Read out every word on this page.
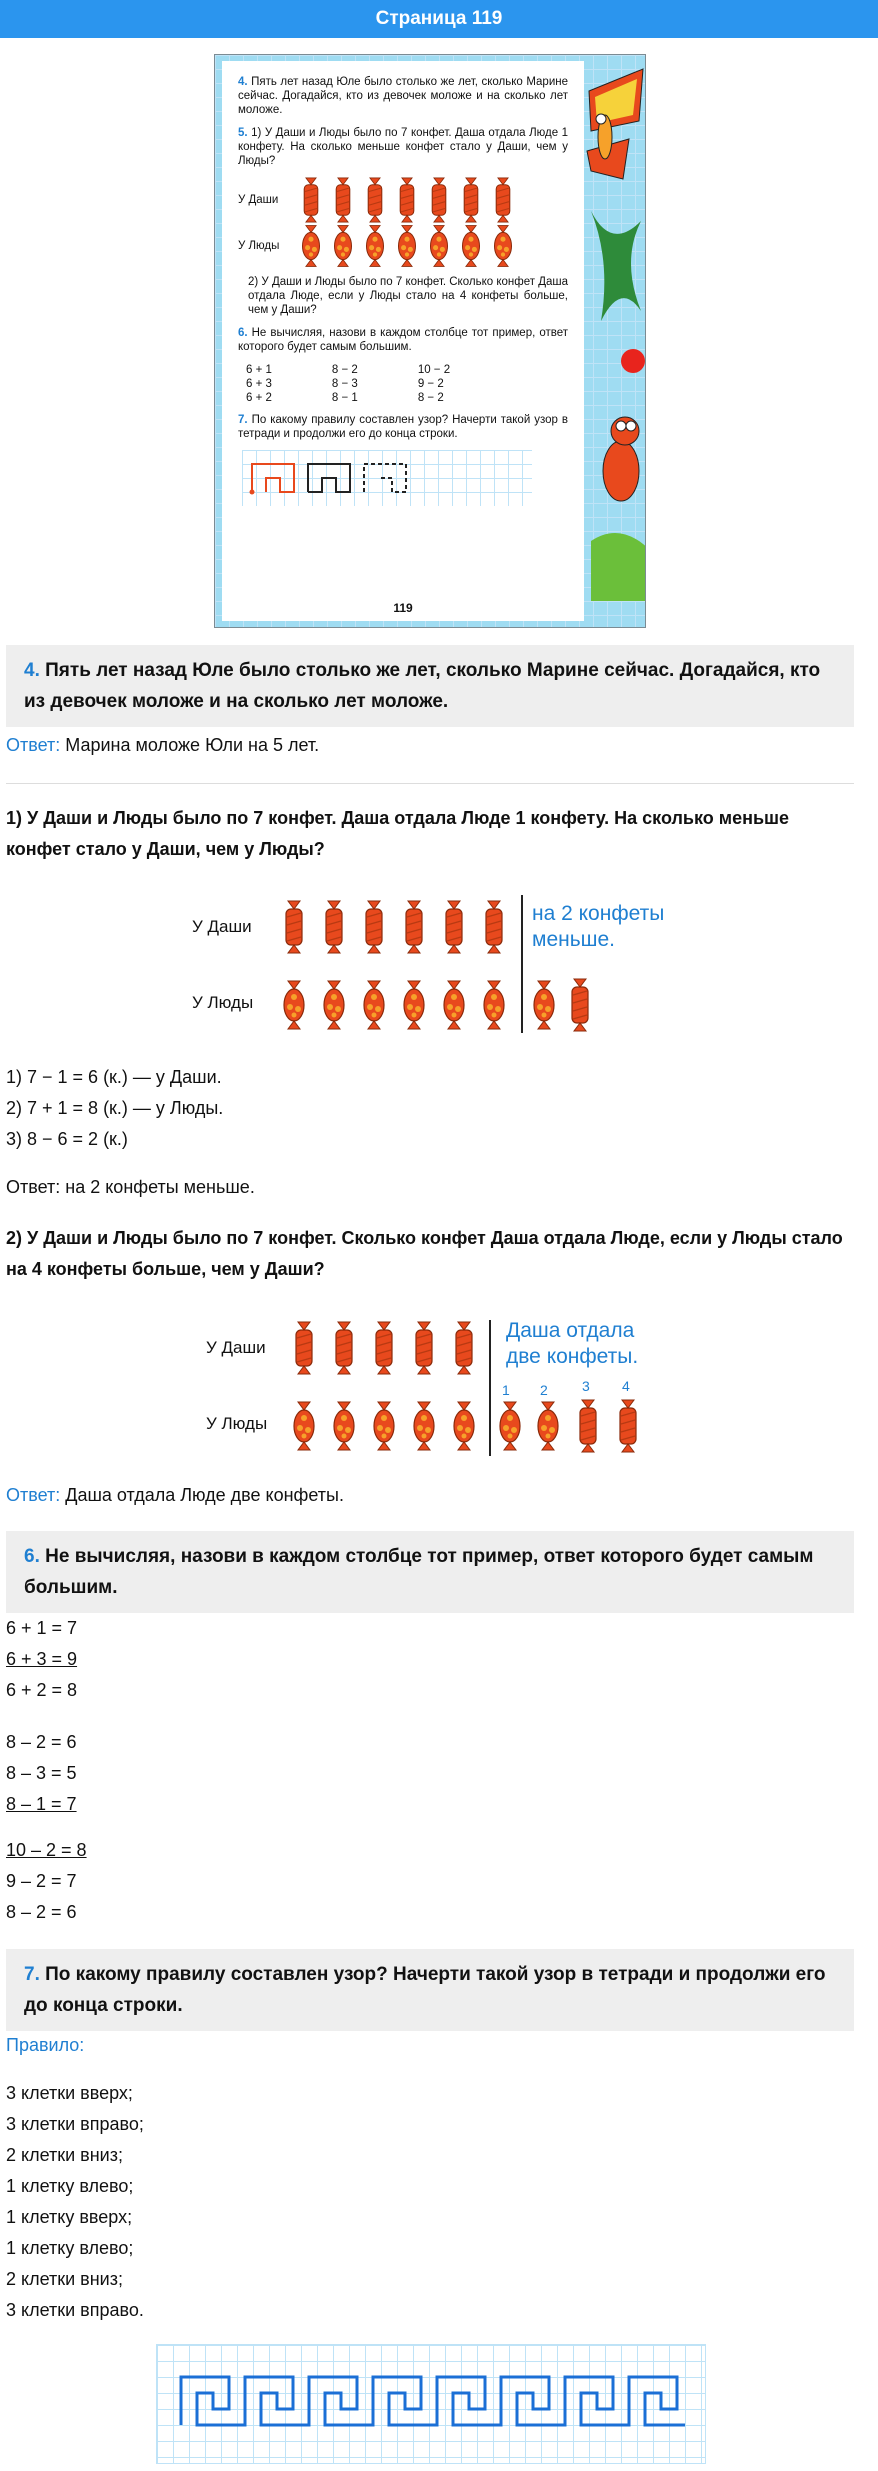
Страница 119
4. Пять лет назад Юле было столько же лет, сколько Марине сейчас. Догадайся, кто из девочек моложе и на сколько лет моложе.
5. 1) У Даши и Люды было по 7 конфет. Даша отдала Люде 1 конфету. На сколько меньше конфет стало у Даши, чем у Люды?
У Даши
У Люды
2) У Даши и Люды было по 7 конфет. Сколько конфет Даша отдала Люде, если у Люды стало на 4 конфеты больше, чем у Даши?
6. Не вычисляя, назови в каждом столбце тот пример, ответ которого будет самым большим.
6 + 1
6 + 3
6 + 2
8 − 2
8 − 3
8 − 1
10 − 2
9 − 2
8 − 2
7. По какому правилу составлен узор? Начерти такой узор в тетради и продолжи его до конца строки.
119
4. Пять лет назад Юле было столько же лет, сколько Марине сейчас. Догадайся, кто из девочек моложе и на сколько лет моложе.
Ответ: Марина моложе Юли на 5 лет.
1) У Даши и Люды было по 7 конфет. Даша отдала Люде 1 конфету. На сколько меньше конфет стало у Даши, чем у Люды?
У Даши
У Люды
на 2 конфеты
меньше.
1) 7 − 1 = 6 (к.) — у Даши.
2) 7 + 1 = 8 (к.) — у Люды.
3) 8 − 6 = 2 (к.)
Ответ: на 2 конфеты меньше.
2) У Даши и Люды было по 7 конфет. Сколько конфет Даша отдала Люде, если у Люды стало на 4 конфеты больше, чем у Даши?
У Даши
У Люды
Даша отдала
две конфеты.
1 2 3 4
Ответ: Даша отдала Люде две конфеты.
6. Не вычисляя, назови в каждом столбце тот пример, ответ которого будет самым большим.
6 + 1 = 7
6 + 3 = 9
6 + 2 = 8
8 – 2 = 6
8 – 3 = 5
8 – 1 = 7
10 – 2 = 8
9 – 2 = 7
8 – 2 = 6
7. По какому правилу составлен узор? Начерти такой узор в тетради и продолжи его до конца строки.
Правило:
3 клетки вверх;
3 клетки вправо;
2 клетки вниз;
1 клетку влево;
1 клетку вверх;
1 клетку влево;
2 клетки вниз;
3 клетки вправо.
